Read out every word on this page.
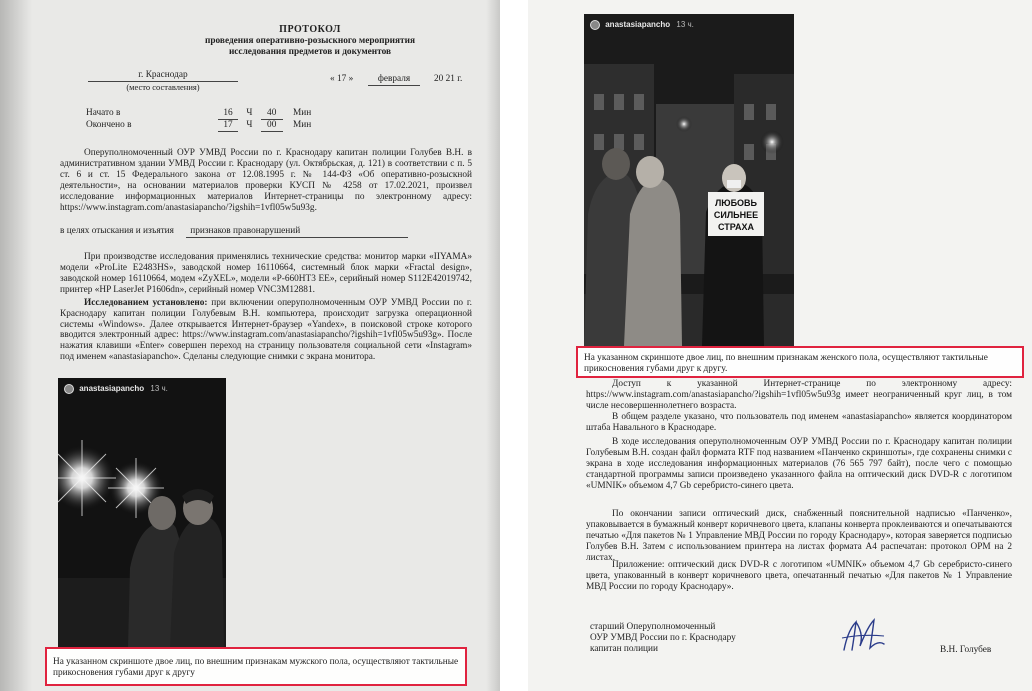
ПРОТОКОЛ
проведения оперативно-розыскного мероприятия
исследования предметов и документов
г. Краснодар
(место составления)
« 17 »	февраля	20 21 г.
Начато в	16 Ч 40 Мин
Окончено в	17 Ч 00 Мин
Оперуполномоченный ОУР УМВД России по г. Краснодару капитан полиции Голубев В.Н. в административном здании УМВД России г. Краснодару (ул. Октябрьская, д. 121) в соответствии с п. 5 ст. 6 и ст. 15 Федерального закона от 12.08.1995 г. № 144-ФЗ «Об оперативно-розыскной деятельности», на основании материалов проверки КУСП № 4258 от 17.02.2021, произвел исследование информационных материалов Интернет-страницы по электронному адресу: https://www.instagram.com/anastasiapancho/?igshih=1vfl05w5u93g.
в целях отыскания и изъятия признаков правонарушений
При производстве исследования применялись технические средства: монитор марки «IIYAMA» модели «ProLite E2483HS», заводской номер 16110664, системный блок марки «Fractal design», заводской номер 16110664, модем «ZyXEL», модели «P-660HT3 EE», серийный номер S112E42019742, принтер «HP LaserJet P1606dn», серийный номер VNC3M12881.
Исследованием установлено: при включении оперуполномоченным ОУР УМВД России по г. Краснодару капитан полиции Голубевым В.Н. компьютера, происходит загрузка операционной системы «Windows». Далее открывается Интернет-браузер «Yandex», в поисковой строке которого вводится электронный адрес: https://www.instagram.com/anastasiapancho/?igshih=1vfl05w5u93g». После нажатия клавиши «Enter» совершен переход на страницу пользователя социальной сети «Instagram» под именем «anastasiapancho». Сделаны следующие снимки с экрана монитора.
anastasiapancho 13 ч.
На указанном скриншоте двое лиц, по внешним признакам мужского пола, осуществляют тактильные прикосновения губами друг к другу
ЛЮБОВЬ
СИЛЬНЕЕ
СТРАХА
anastasiapancho 13 ч.
На указанном скриншоте двое лиц, по внешним признакам женского пола, осуществляют тактильные прикосновения губами друг к другу.
Доступ к указанной Интернет-странице по электронному адресу: https://www.instagram.com/anastasiapancho/?igshih=1vfl05w5u93g имеет неограниченный круг лиц, в том числе несовершеннолетнего возраста.
В общем разделе указано, что пользователь под именем «anastasiapancho» является координатором штаба Навального в Краснодаре.
В ходе исследования оперуполномоченным ОУР УМВД России по г. Краснодару капитан полиции Голубевым В.Н. создан файл формата RTF под названием «Панченко скриншоты», где сохранены снимки с экрана в ходе исследования информационных материалов (76 565 797 байт), после чего с помощью стандартной программы записи произведено указанного файла на оптический диск DVD-R с логотипом «UMNIK» объемом 4,7 Gb серебристо-синего цвета.
По окончании записи оптический диск, снабженный пояснительной надписью «Панченко», упаковывается в бумажный конверт коричневого цвета, клапаны конверта проклеиваются и опечатываются печатью «Для пакетов № 1 Управление МВД России по городу Краснодару», которая заверяется подписью Голубев В.Н. Затем с использованием принтера на листах формата А4 распечатан: протокол ОРМ на 2 листах.
Приложение: оптический диск DVD-R с логотипом «UMNIK» объемом 4,7 Gb серебристо-синего цвета, упакованный в конверт коричневого цвета, опечатанный печатью «Для пакетов № 1 Управление МВД России по городу Краснодару».
старший Оперуполномоченный
ОУР УМВД России по г. Краснодару
капитан полиции	В.Н. Голубев
